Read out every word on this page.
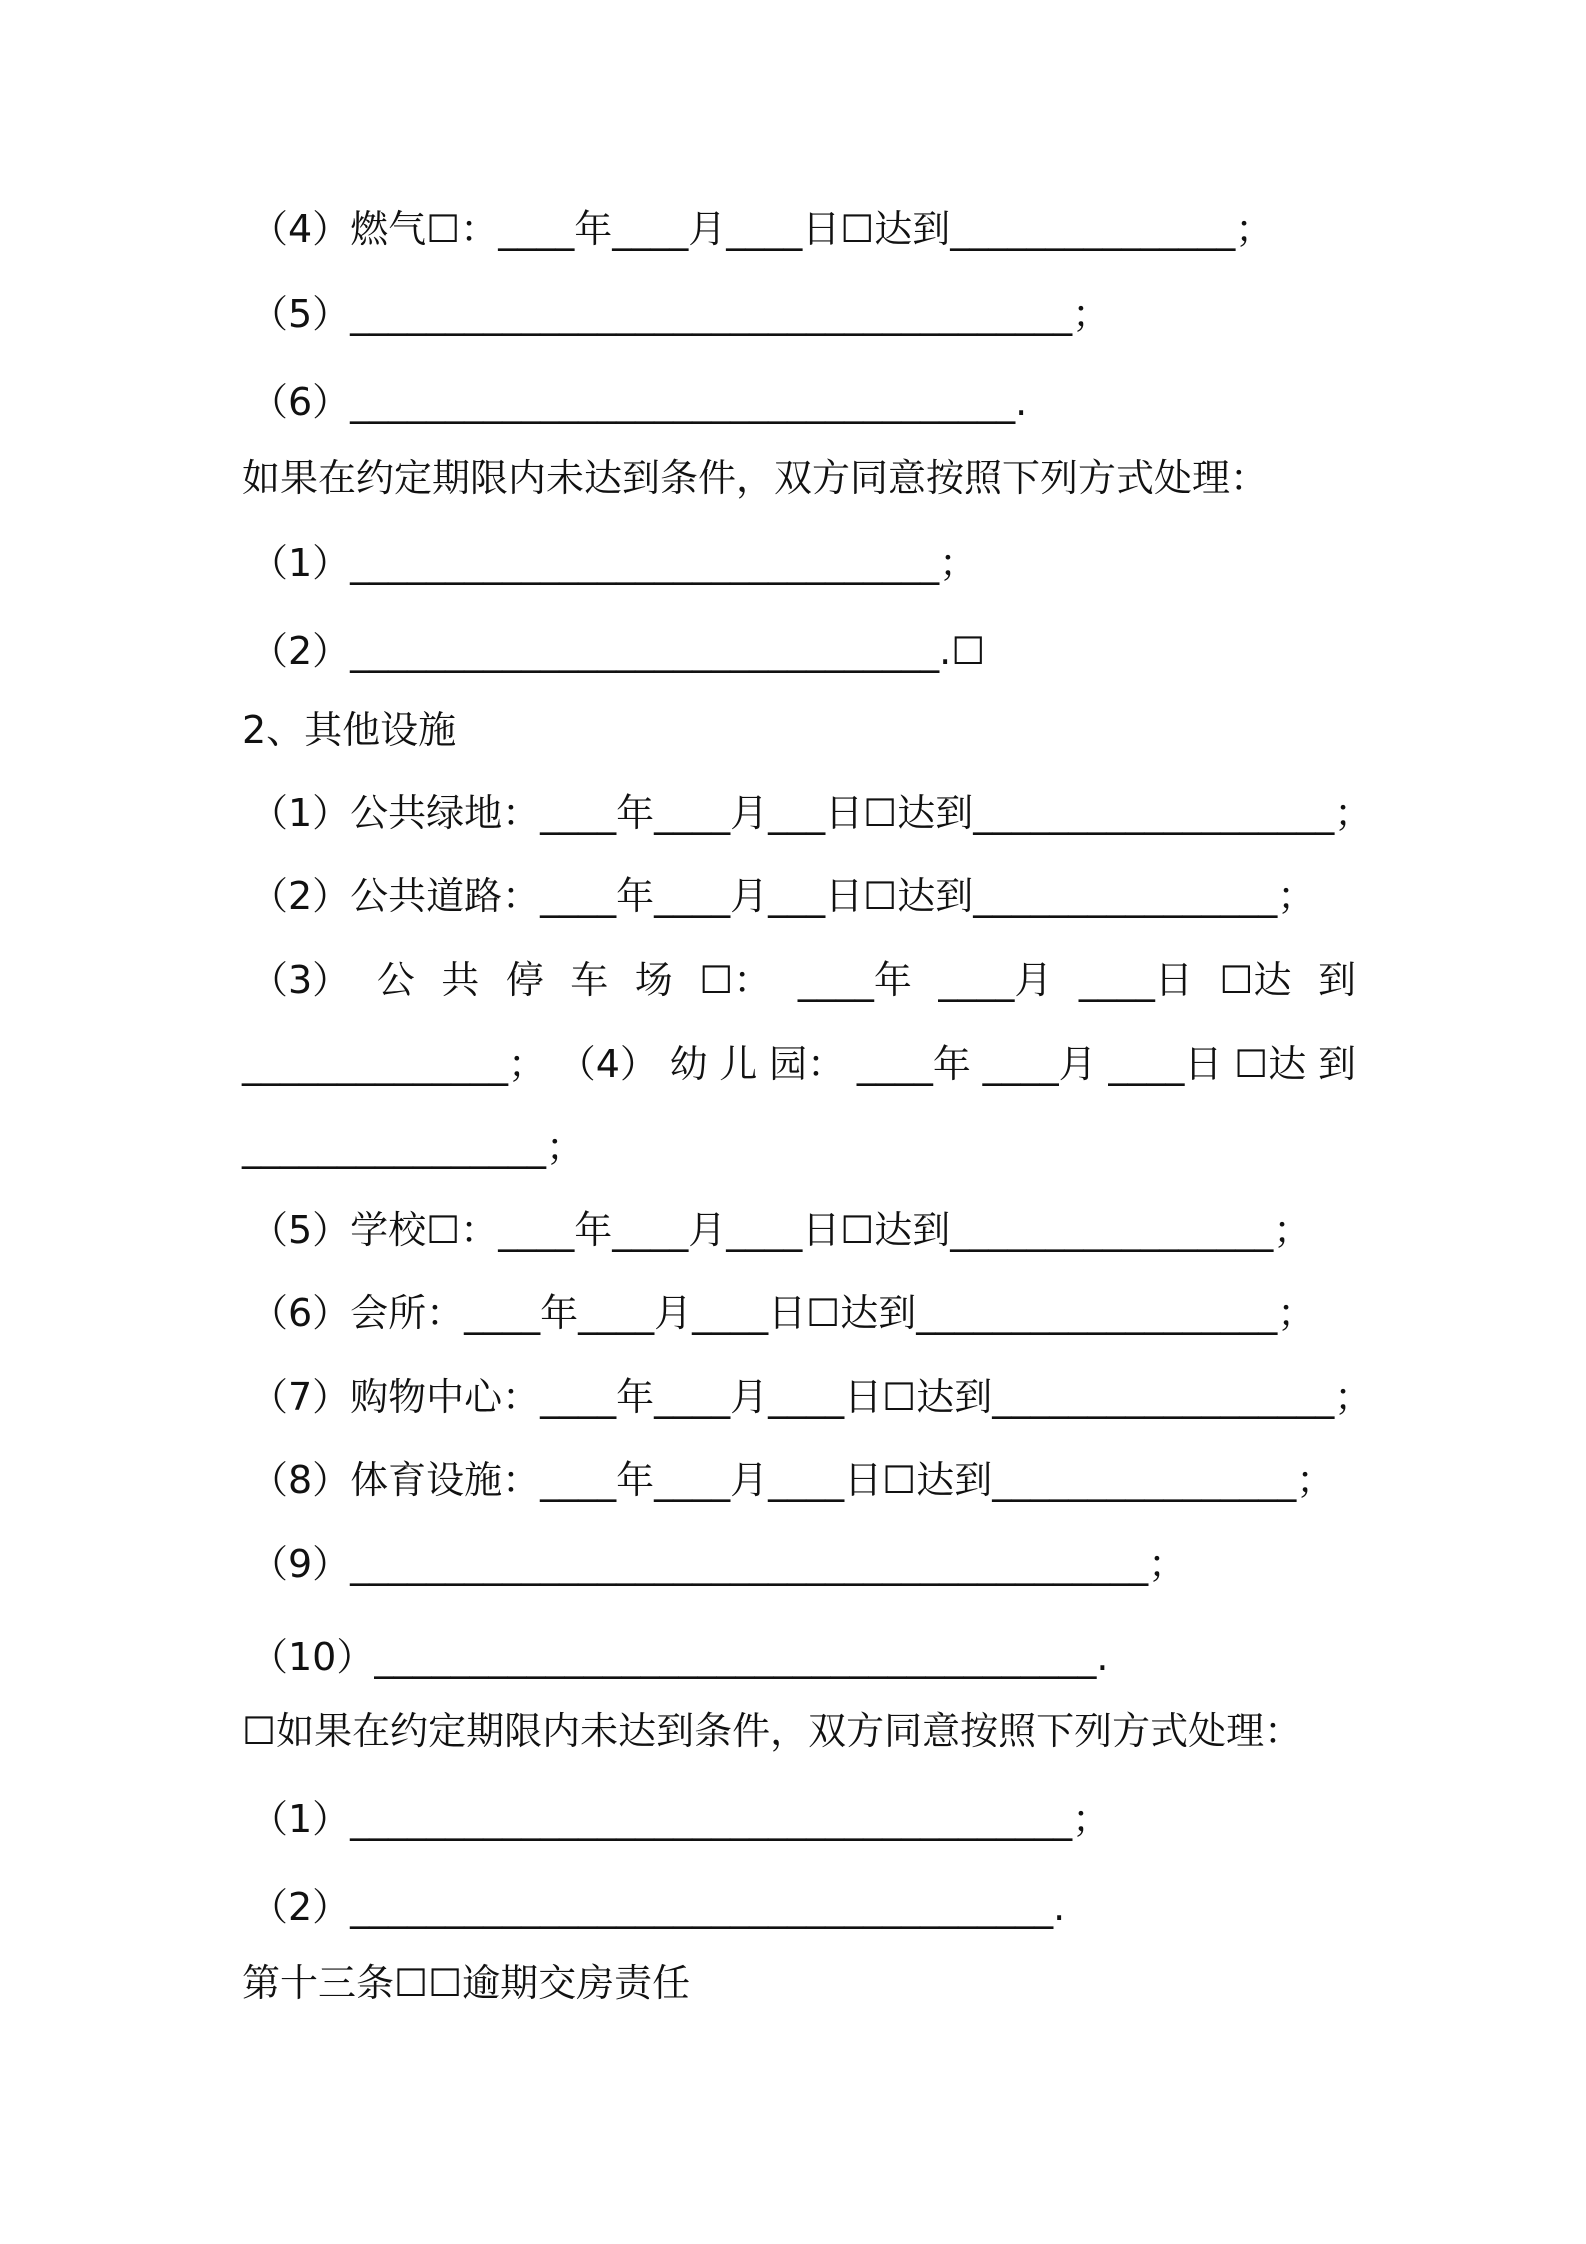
（4）燃气☐：____年____月____日☐达到_______________；
（5）______________________________________；
（6）___________________________________.
如果在约定期限内未达到条件，双方同意按照下列方式处理：
（1）_______________________________；
（2）_______________________________.☐
2、其他设施
（1）公共绿地：____年____月___日☐达到___________________；
（2）公共道路：____年____月___日☐达到________________；
（3） 公 共 停 车 场 ☐： ____年 ____月 ____日 ☐达 到
______________； （4） 幼 儿 园： ____年 ____月 ____日 ☐达 到
________________；
（5）学校☐：____年____月____日☐达到_________________；
（6）会所：____年____月____日☐达到___________________；
（7）购物中心：____年____月____日☐达到__________________；
（8）体育设施：____年____月____日☐达到________________；
（9）__________________________________________；
（10）______________________________________.
☐如果在约定期限内未达到条件，双方同意按照下列方式处理：
（1）______________________________________；
（2）_____________________________________.
第十三条☐☐逾期交房责任
